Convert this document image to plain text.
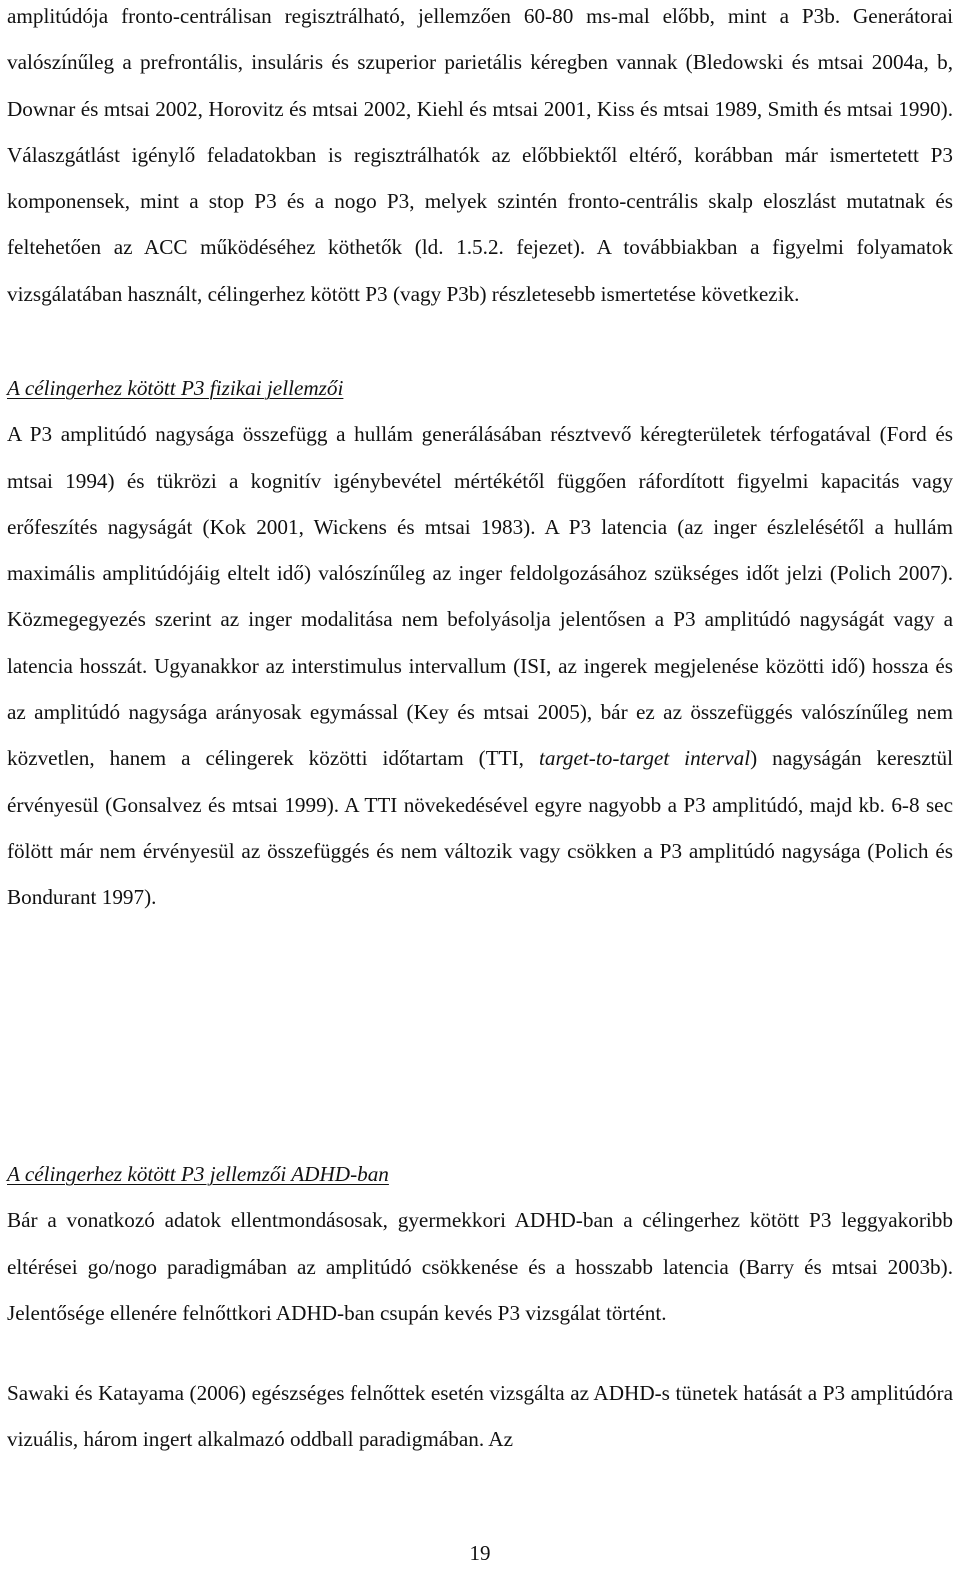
amplitúdója fronto-centrálisan regisztrálható, jellemzően 60-80 ms-mal előbb, mint a P3b. Generátorai valószínűleg a prefrontális, insuláris és szuperior parietális kéregben vannak (Bledowski és mtsai 2004a, b, Downar és mtsai 2002, Horovitz és mtsai 2002, Kiehl és mtsai 2001, Kiss és mtsai 1989, Smith és mtsai 1990). Válaszgátlást igénylő feladatokban is regisztrálhatók az előbbiektől eltérő, korábban már ismertetett P3 komponensek, mint a stop P3 és a nogo P3, melyek szintén fronto-centrális skalp eloszlást mutatnak és feltehetően az ACC működéséhez köthetők (ld. 1.5.2. fejezet). A továbbiakban a figyelmi folyamatok vizsgálatában használt, célingerhez kötött P3 (vagy P3b) részletesebb ismertetése következik.

A célingerhez kötött P3 fizikai jellemzői
A P3 amplitúdó nagysága összefügg a hullám generálásában résztvevő kéregterületek térfogatával (Ford és mtsai 1994) és tükrözi a kognitív igénybevétel mértékétől függően ráfordított figyelmi kapacitás vagy erőfeszítés nagyságát (Kok 2001, Wickens és mtsai 1983). A P3 latencia (az inger észlelésétől a hullám maximális amplitúdójáig eltelt idő) valószínűleg az inger feldolgozásához szükséges időt jelzi (Polich 2007). Közmegegyezés szerint az inger modalitása nem befolyásolja jelentősen a P3 amplitúdó nagyságát vagy a latencia hosszát. Ugyanakkor az interstimulus intervallum (ISI, az ingerek megjelenése közötti idő) hossza és az amplitúdó nagysága arányosak egymással (Key és mtsai 2005), bár ez az összefüggés valószínűleg nem közvetlen, hanem a célingerek közötti időtartam (TTI, target-to-target interval) nagyságán keresztül érvényesül (Gonsalvez és mtsai 1999). A TTI növekedésével egyre nagyobb a P3 amplitúdó, majd kb. 6-8 sec fölött már nem érvényesül az összefüggés és nem változik vagy csökken a P3 amplitúdó nagysága (Polich és Bondurant 1997).
A célingerhez kötött P3 jellemzői ADHD-ban
Bár a vonatkozó adatok ellentmondásosak, gyermekkori ADHD-ban a célingerhez kötött P3 leggyakoribb eltérései go/nogo paradigmában az amplitúdó csökkenése és a hosszabb latencia (Barry és mtsai 2003b). Jelentősége ellenére felnőttkori ADHD-ban csupán kevés P3 vizsgálat történt.

Sawaki és Katayama (2006) egészséges felnőttek esetén vizsgálta az ADHD-s tünetek hatását a P3 amplitúdóra vizuális, három ingert alkalmazó oddball paradigmában. Az

19
